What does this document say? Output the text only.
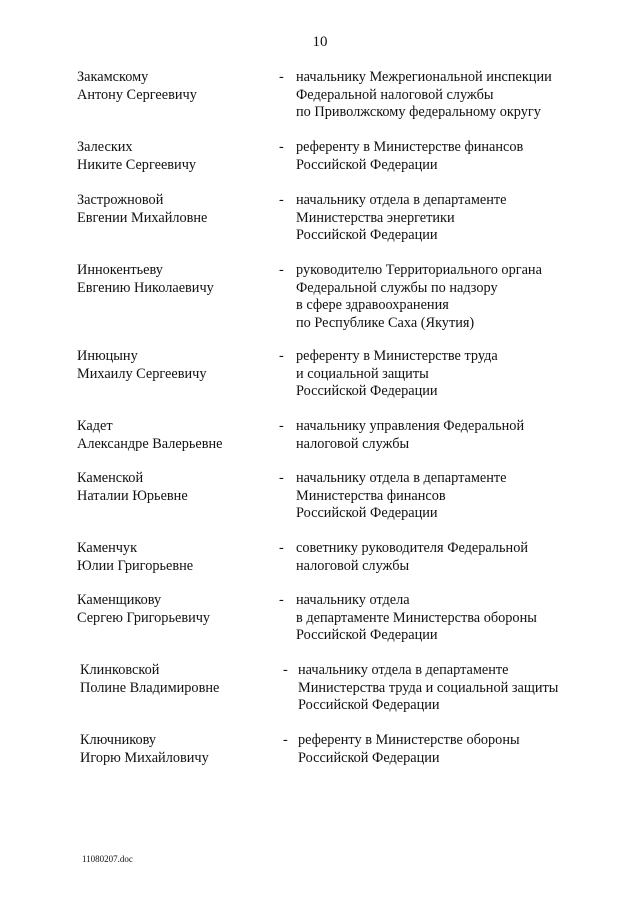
10
Закамскому
Антону Сергеевичу
- начальнику Межрегиональной инспекции
Федеральной налоговой службы
по Приволжскому федеральному округу
Залеских
Никите Сергеевичу
- референту в Министерстве финансов
Российской Федерации
Застрожновой
Евгении Михайловне
- начальнику отдела в департаменте
Министерства энергетики
Российской Федерации
Иннокентьеву
Евгению Николаевичу
- руководителю Территориального органа
Федеральной службы по надзору
в сфере здравоохранения
по Республике Саха (Якутия)
Инюцыну
Михаилу Сергеевичу
- референту в Министерстве труда
и социальной защиты
Российской Федерации
Кадет
Александре Валерьевне
- начальнику управления Федеральной
налоговой службы
Каменской
Наталии Юрьевне
- начальнику отдела в департаменте
Министерства финансов
Российской Федерации
Каменчук
Юлии Григорьевне
- советнику руководителя Федеральной
налоговой службы
Каменщикову
Сергею Григорьевичу
- начальнику отдела
в департаменте Министерства обороны
Российской Федерации
Клинковской
Полине Владимировне
- начальнику отдела в департаменте
Министерства труда и социальной защиты
Российской Федерации
Ключникову
Игорю Михайловичу
- референту в Министерстве обороны
Российской Федерации
11080207.doc
